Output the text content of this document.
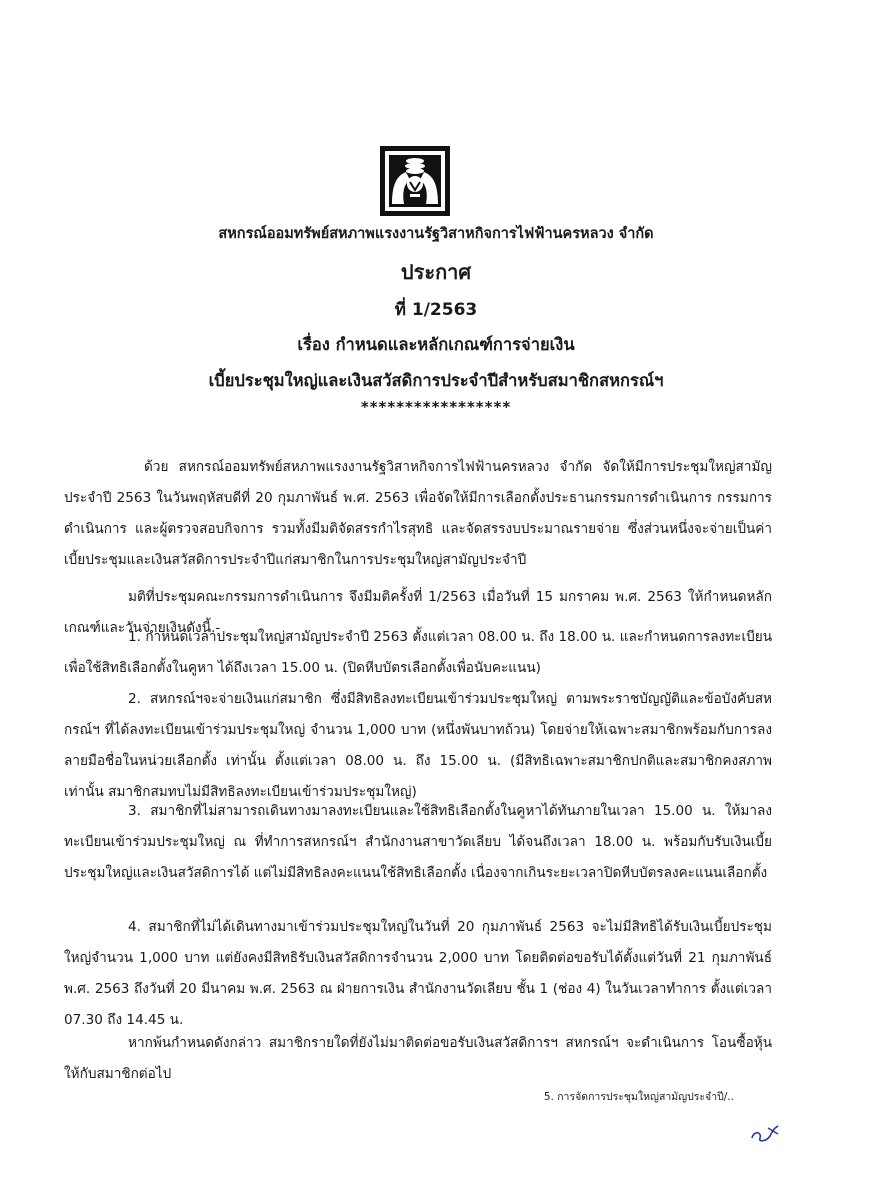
สหกรณ์ออมทรัพย์สหภาพแรงงานรัฐวิสาหกิจการไฟฟ้านครหลวง จำกัด
ประกาศ
ที่ 1/2563
เรื่อง กำหนดและหลักเกณฑ์การจ่ายเงิน
เบี้ยประชุมใหญ่และเงินสวัสดิการประจำปีสำหรับสมาชิกสหกรณ์ฯ
*****************

ด้วย สหกรณ์ออมทรัพย์สหภาพแรงงานรัฐวิสาหกิจการไฟฟ้านครหลวง จำกัด จัดให้มีการประชุมใหญ่สามัญประจำปี 2563 ในวันพฤหัสบดีที่ 20 กุมภาพันธ์ พ.ศ. 2563 เพื่อจัดให้มีการเลือกตั้งประธานกรรมการดำเนินการ กรรมการดำเนินการ และผู้ตรวจสอบกิจการ รวมทั้งมีมติจัดสรรกำไรสุทธิ และจัดสรรงบประมาณรายจ่าย ซึ่งส่วนหนึ่งจะจ่ายเป็นค่าเบี้ยประชุมและเงินสวัสดิการประจำปีแก่สมาชิกในการประชุมใหญ่สามัญประจำปี

มติที่ประชุมคณะกรรมการดำเนินการ จึงมีมติครั้งที่ 1/2563 เมื่อวันที่ 15 มกราคม พ.ศ. 2563 ให้กำหนดหลักเกณฑ์และวันจ่ายเงินดังนี้.-

1. กำหนดเวลาประชุมใหญ่สามัญประจำปี 2563 ตั้งแต่เวลา 08.00 น. ถึง 18.00 น. และกำหนดการลงทะเบียนเพื่อใช้สิทธิเลือกตั้งในคูหา ได้ถึงเวลา 15.00 น. (ปิดหีบบัตรเลือกตั้งเพื่อนับคะแนน)

2. สหกรณ์ฯจะจ่ายเงินแก่สมาชิก ซึ่งมีสิทธิลงทะเบียนเข้าร่วมประชุมใหญ่ ตามพระราชบัญญัติและข้อบังคับสหกรณ์ฯ ที่ได้ลงทะเบียนเข้าร่วมประชุมใหญ่ จำนวน 1,000 บาท (หนึ่งพันบาทถ้วน) โดยจ่ายให้เฉพาะสมาชิกพร้อมกับการลงลายมือชื่อในหน่วยเลือกตั้ง เท่านั้น ตั้งแต่เวลา 08.00 น. ถึง 15.00 น. (มีสิทธิเฉพาะสมาชิกปกติและสมาชิกคงสภาพเท่านั้น สมาชิกสมทบไม่มีสิทธิลงทะเบียนเข้าร่วมประชุมใหญ่)

3. สมาชิกที่ไม่สามารถเดินทางมาลงทะเบียนและใช้สิทธิเลือกตั้งในคูหาได้ทันภายในเวลา 15.00 น. ให้มาลงทะเบียนเข้าร่วมประชุมใหญ่ ณ ที่ทำการสหกรณ์ฯ สำนักงานสาขาวัดเลียบ ได้จนถึงเวลา 18.00 น. พร้อมกับรับเงินเบี้ยประชุมใหญ่และเงินสวัสดิการได้ แต่ไม่มีสิทธิลงคะแนนใช้สิทธิเลือกตั้ง เนื่องจากเกินระยะเวลาปิดหีบบัตรลงคะแนนเลือกตั้ง

4. สมาชิกที่ไม่ได้เดินทางมาเข้าร่วมประชุมใหญ่ในวันที่ 20 กุมภาพันธ์ 2563 จะไม่มีสิทธิได้รับเงินเบี้ยประชุมใหญ่จำนวน 1,000 บาท แต่ยังคงมีสิทธิรับเงินสวัสดิการจำนวน 2,000 บาท โดยติดต่อขอรับได้ตั้งแต่วันที่ 21 กุมภาพันธ์ พ.ศ. 2563 ถึงวันที่ 20 มีนาคม พ.ศ. 2563 ณ ฝ่ายการเงิน สำนักงานวัดเลียบ ชั้น 1 (ช่อง 4) ในวันเวลาทำการ ตั้งแต่เวลา 07.30 ถึง 14.45 น.

หากพ้นกำหนดดังกล่าว สมาชิกรายใดที่ยังไม่มาติดต่อขอรับเงินสวัสดิการฯ สหกรณ์ฯ จะดำเนินการ โอนซื้อหุ้นให้กับสมาชิกต่อไป

5. การจัดการประชุมใหญ่สามัญประจำปี/..
